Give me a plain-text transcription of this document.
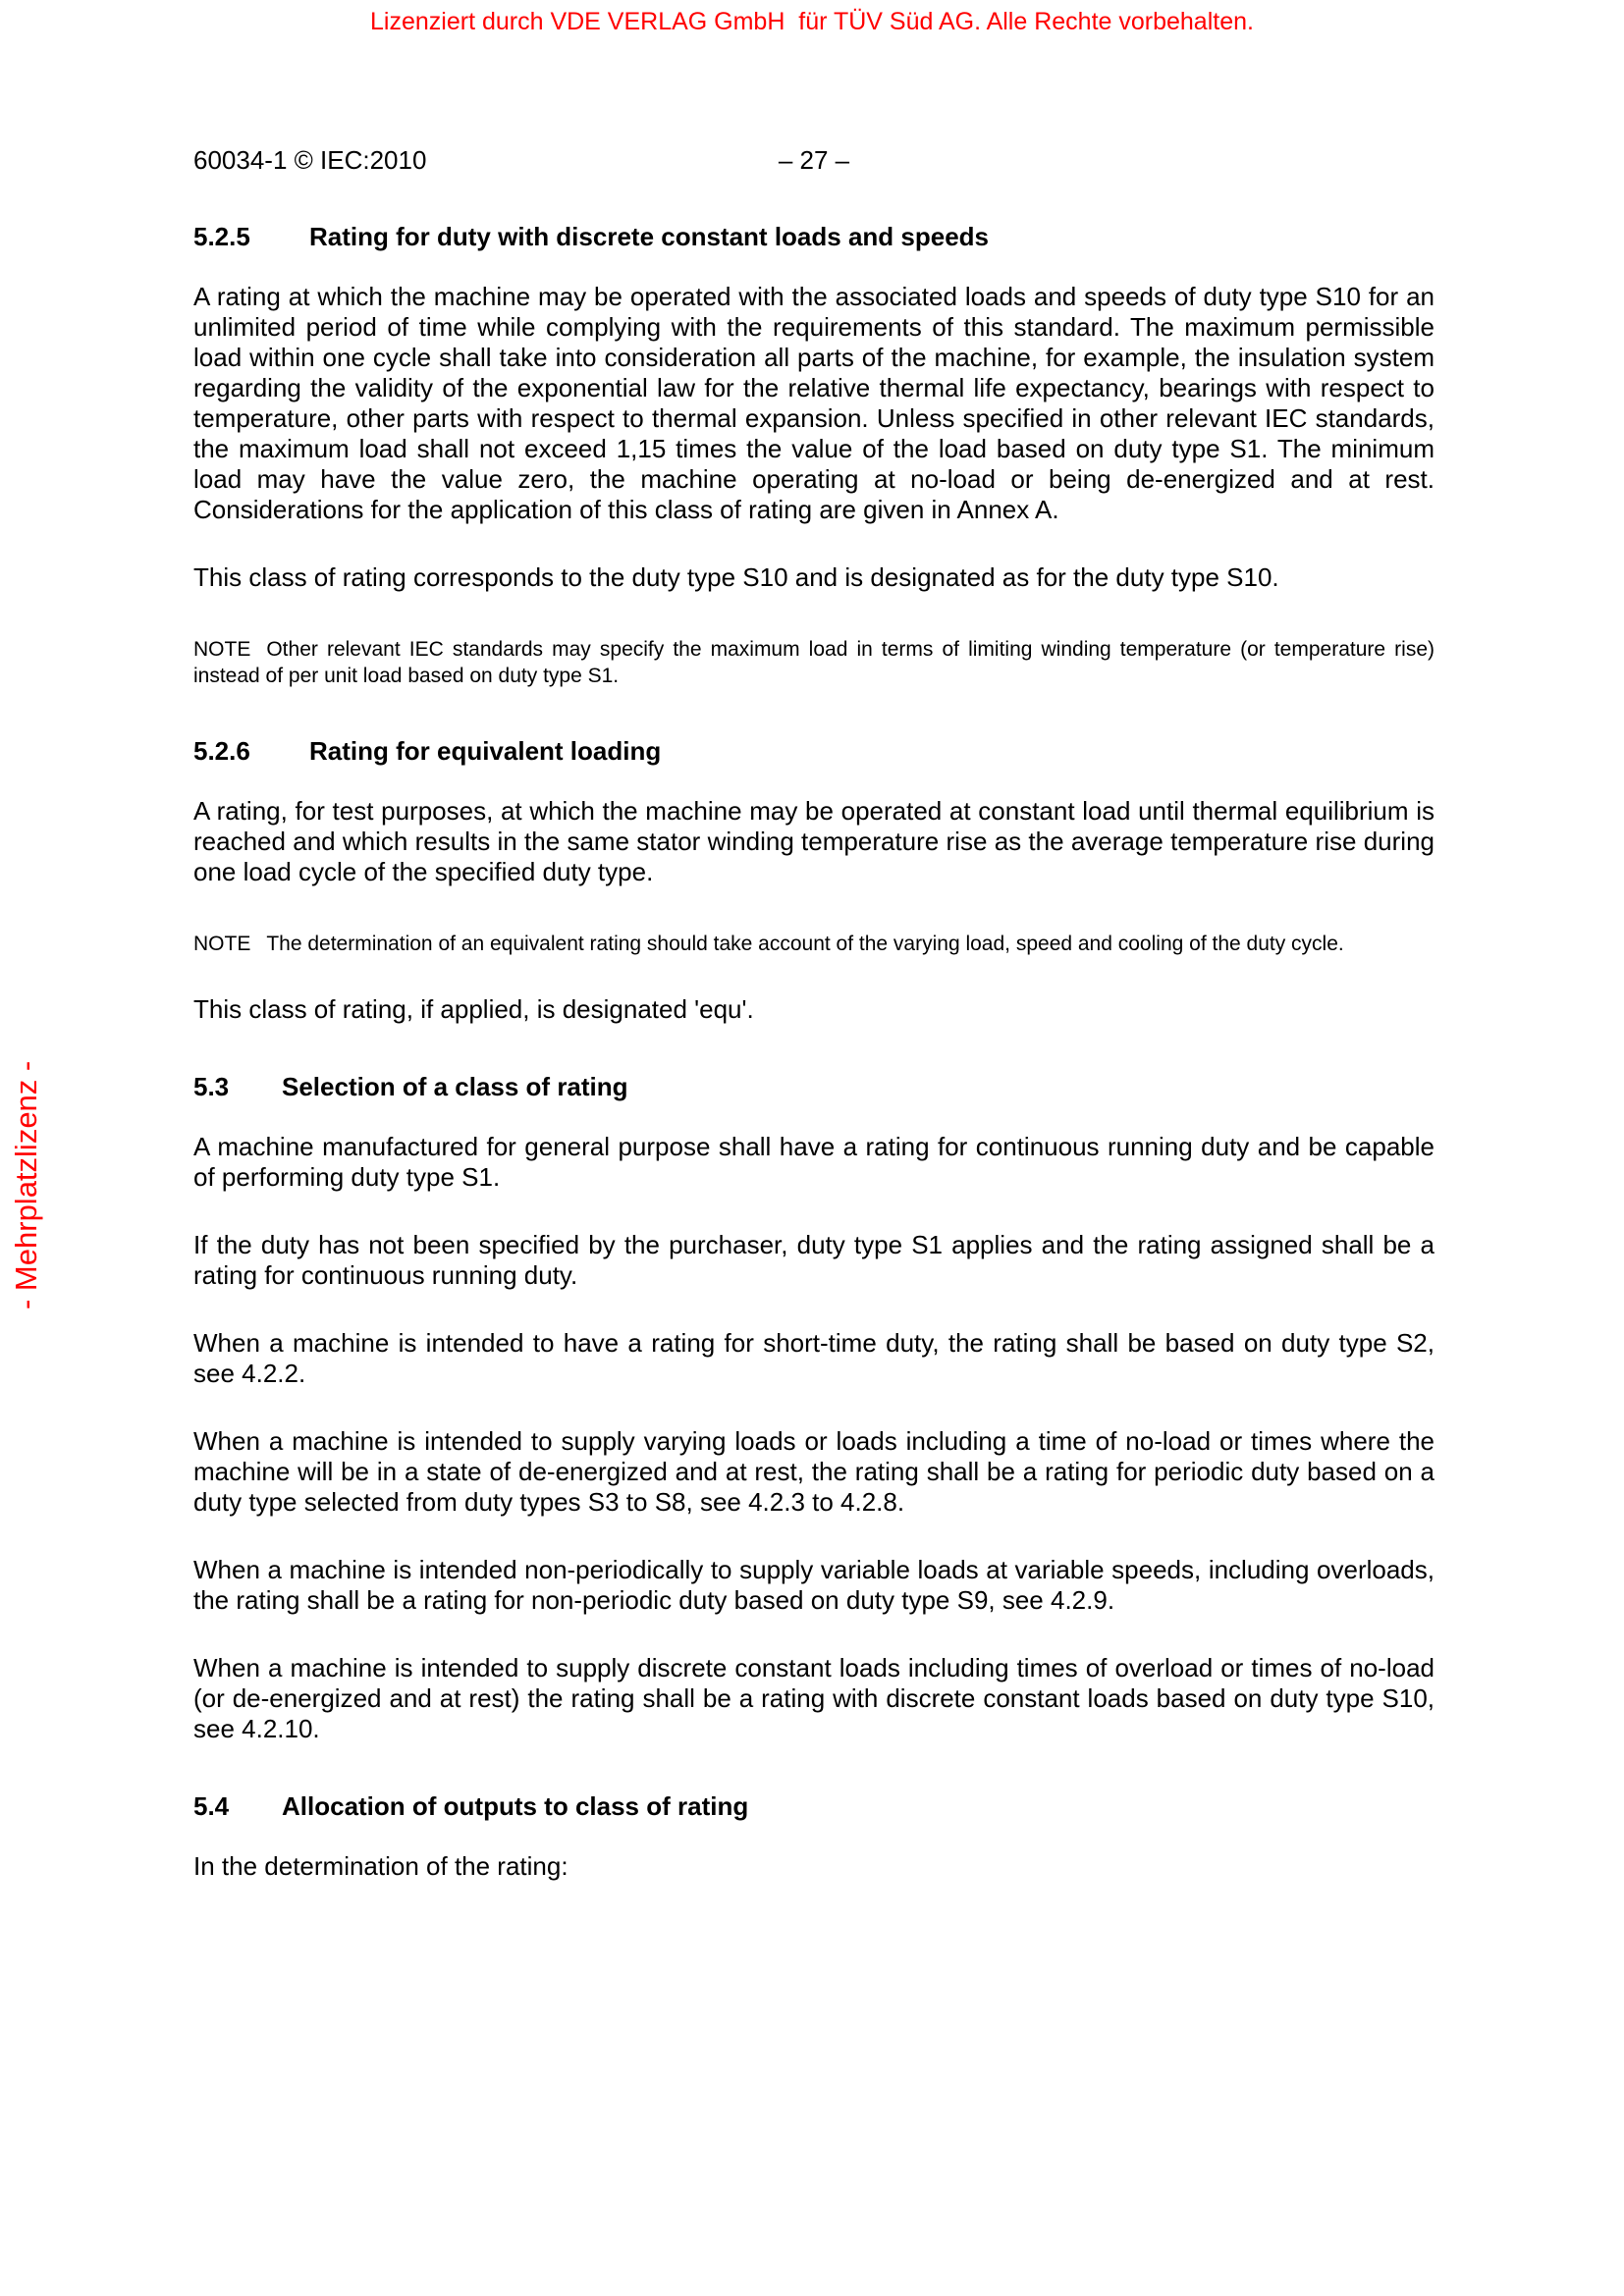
Lizenziert durch VDE VERLAG GmbH  für TÜV Süd AG. Alle Rechte vorbehalten.
- Mehrplatzlizenz -
60034-1 © IEC:2010	– 27 –
5.2.5 Rating for duty with discrete constant loads and speeds

A rating at which the machine may be operated with the associated loads and speeds of duty type S10 for an unlimited period of time while complying with the requirements of this standard. The maximum permissible load within one cycle shall take into consideration all parts of the machine, for example, the insulation system regarding the validity of the exponential law for the relative thermal life expectancy, bearings with respect to temperature, other parts with respect to thermal expansion. Unless specified in other relevant IEC standards, the maximum load shall not exceed 1,15 times the value of the load based on duty type S1. The minimum load may have the value zero, the machine operating at no-load or being de-energized and at rest. Considerations for the application of this class of rating are given in Annex A.

This class of rating corresponds to the duty type S10 and is designated as for the duty type S10.

NOTE Other relevant IEC standards may specify the maximum load in terms of limiting winding temperature (or temperature rise) instead of per unit load based on duty type S1.

5.2.6 Rating for equivalent loading

A rating, for test purposes, at which the machine may be operated at constant load until thermal equilibrium is reached and which results in the same stator winding temperature rise as the average temperature rise during one load cycle of the specified duty type.

NOTE The determination of an equivalent rating should take account of the varying load, speed and cooling of the duty cycle.

This class of rating, if applied, is designated 'equ'.

5.3 Selection of a class of rating

A machine manufactured for general purpose shall have a rating for continuous running duty and be capable of performing duty type S1.

If the duty has not been specified by the purchaser, duty type S1 applies and the rating assigned shall be a rating for continuous running duty.

When a machine is intended to have a rating for short-time duty, the rating shall be based on duty type S2, see 4.2.2.

When a machine is intended to supply varying loads or loads including a time of no-load or times where the machine will be in a state of de-energized and at rest, the rating shall be a rating for periodic duty based on a duty type selected from duty types S3 to S8, see 4.2.3 to 4.2.8.

When a machine is intended non-periodically to supply variable loads at variable speeds, including overloads, the rating shall be a rating for non-periodic duty based on duty type S9, see 4.2.9.

When a machine is intended to supply discrete constant loads including times of overload or times of no-load (or de-energized and at rest) the rating shall be a rating with discrete constant loads based on duty type S10, see 4.2.10.

5.4 Allocation of outputs to class of rating

In the determination of the rating:
